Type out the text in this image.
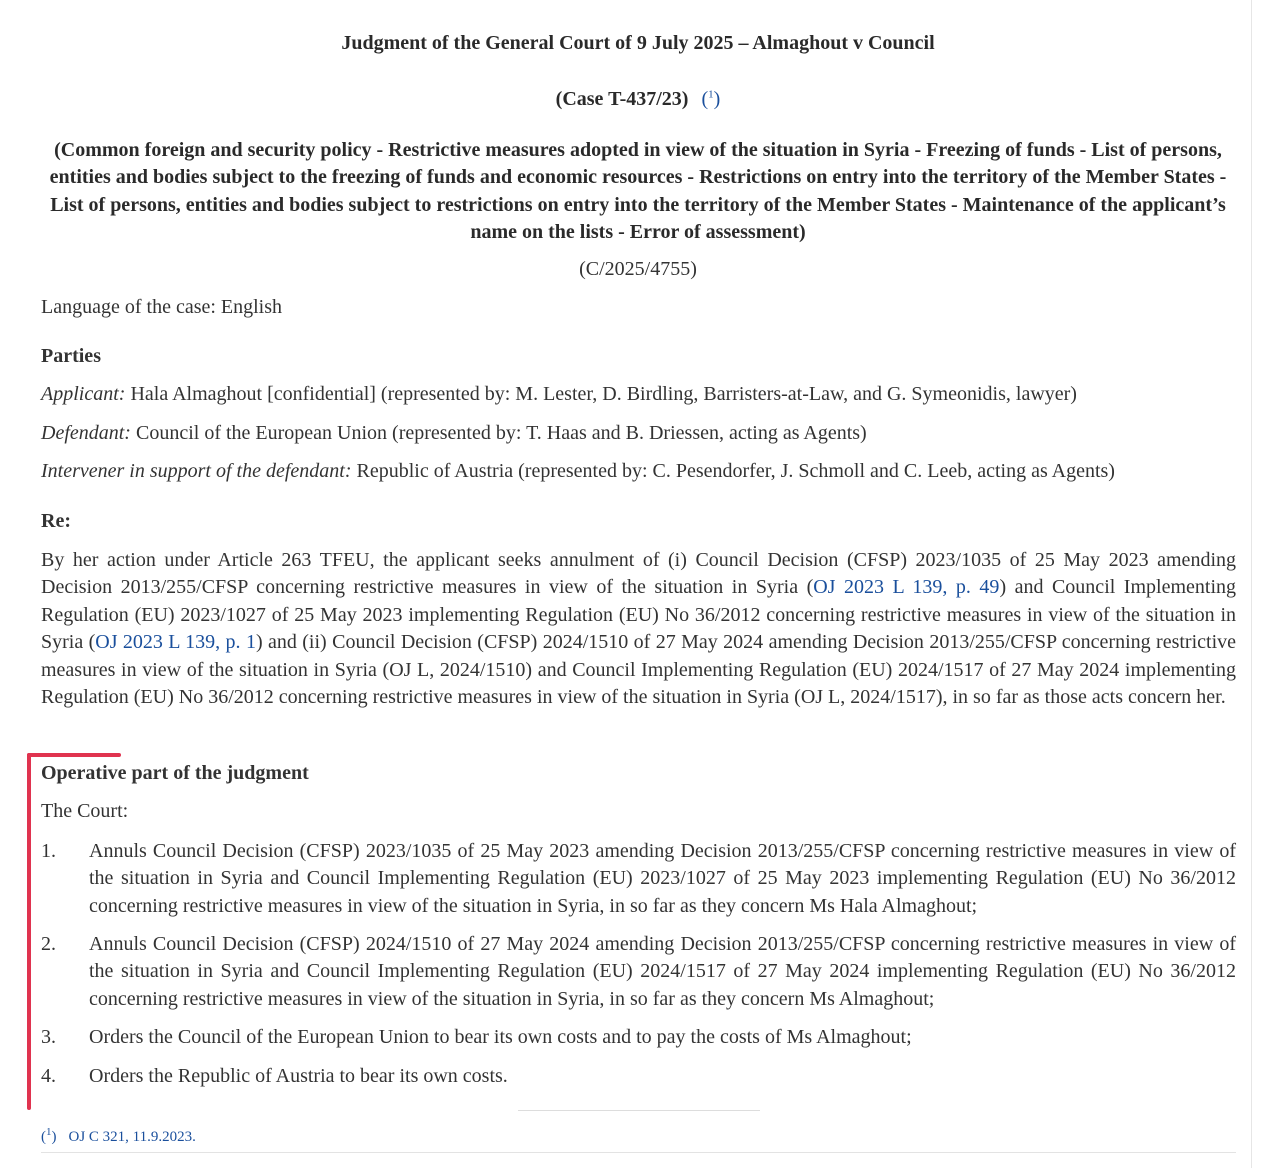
Judgment of the General Court of 9 July 2025 – Almaghout v Council
(Case T-437/23) ($^1$)
(Common foreign and security policy - Restrictive measures adopted in view of the situation in Syria - Freezing of funds - List of persons, entities and bodies subject to the freezing of funds and economic resources - Restrictions on entry into the territory of the Member States - List of persons, entities and bodies subject to restrictions on entry into the territory of the Member States - Maintenance of the applicant’s name on the lists - Error of assessment)
(C/2025/4755)
Language of the case: English
Parties
Applicant: Hala Almaghout [confidential] (represented by: M. Lester, D. Birdling, Barristers-at-Law, and G. Symeonidis, lawyer)
Defendant: Council of the European Union (represented by: T. Haas and B. Driessen, acting as Agents)
Intervener in support of the defendant: Republic of Austria (represented by: C. Pesendorfer, J. Schmoll and C. Leeb, acting as Agents)
Re:
By her action under Article 263 TFEU, the applicant seeks annulment of (i) Council Decision (CFSP) 2023/1035 of 25 May 2023 amending Decision 2013/255/CFSP concerning restrictive measures in view of the situation in Syria (OJ 2023 L 139, p. 49) and Council Implementing Regulation (EU) 2023/1027 of 25 May 2023 implementing Regulation (EU) No 36/2012 concerning restrictive measures in view of the situation in Syria (OJ 2023 L 139, p. 1) and (ii) Council Decision (CFSP) 2024/1510 of 27 May 2024 amending Decision 2013/255/CFSP concerning restrictive measures in view of the situation in Syria (OJ L, 2024/1510) and Council Implementing Regulation (EU) 2024/1517 of 27 May 2024 implementing Regulation (EU) No 36/2012 concerning restrictive measures in view of the situation in Syria (OJ L, 2024/1517), in so far as those acts concern her.
Operative part of the judgment
The Court:
1. Annuls Council Decision (CFSP) 2023/1035 of 25 May 2023 amending Decision 2013/255/CFSP concerning restrictive measures in view of the situation in Syria and Council Implementing Regulation (EU) 2023/1027 of 25 May 2023 implementing Regulation (EU) No 36/2012 concerning restrictive measures in view of the situation in Syria, in so far as they concern Ms Hala Almaghout;
2. Annuls Council Decision (CFSP) 2024/1510 of 27 May 2024 amending Decision 2013/255/CFSP concerning restrictive measures in view of the situation in Syria and Council Implementing Regulation (EU) 2024/1517 of 27 May 2024 implementing Regulation (EU) No 36/2012 concerning restrictive measures in view of the situation in Syria, in so far as they concern Ms Almaghout;
3. Orders the Council of the European Union to bear its own costs and to pay the costs of Ms Almaghout;
4. Orders the Republic of Austria to bear its own costs.
($^1$) OJ C 321, 11.9.2023.
